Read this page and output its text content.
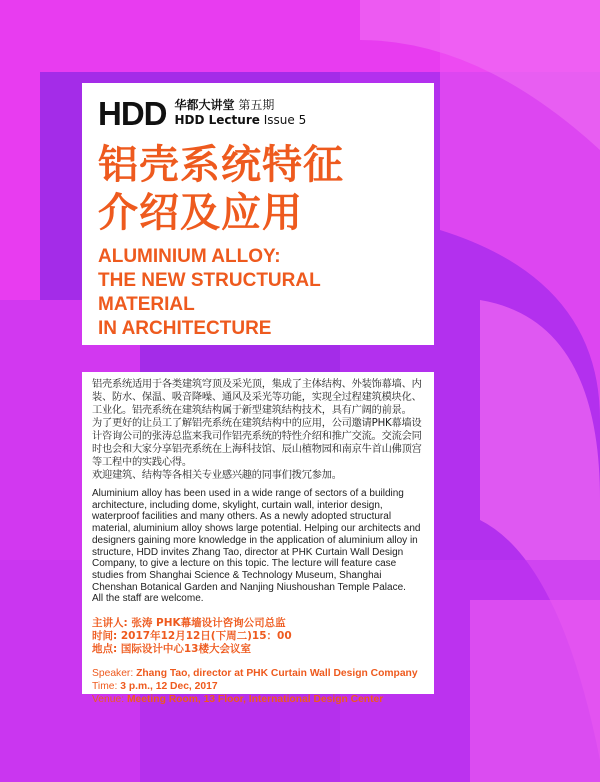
HDD 华都大讲堂 第五期
HDD Lecture Issue 5
铝壳系统特征
介绍及应用
ALUMINIUM ALLOY:
THE NEW STRUCTURAL MATERIAL
IN ARCHITECTURE

铝壳系统适用于各类建筑穹顶及采光顶，集成了主体结构、外装饰幕墙、内装、防水、保温、吸音降噪、通风及采光等功能，实现全过程建筑模块化、工业化。铝壳系统在建筑结构属于新型建筑结构技术，具有广阔的前景。

为了更好的让员工了解铝壳系统在建筑结构中的应用，公司邀请PHK幕墙设计咨询公司的张涛总监来我司作铝壳系统的特性介绍和推广交流。交流会同时也会和大家分享铝壳系统在上海科技馆、辰山植物园和南京牛首山佛顶宫等工程中的实践心得。

欢迎建筑、结构等各相关专业感兴趣的同事们拨冗参加。

Aluminium alloy has been used in a wide range of sectors of a building architecture, including dome, skylight, curtain wall, interior design, waterproof facilities and many others. As a newly adopted structural material, aluminium alloy shows large potential. Helping our architects and designers gaining more knowledge in the application of aluminium alloy in structure, HDD invites Zhang Tao, director at PHK Curtain Wall Design Company, to give a lecture on this topic. The lecture will feature case studies from Shanghai Science & Technology Museum, Shanghai Chenshan Botanical Garden and Nanjing Niushoushan Temple Palace.
All the staff are welcome.

主讲人: 张涛 PHK幕墙设计咨询公司总监
时间: 2017年12月12日(下周二)15：00
地点: 国际设计中心13楼大会议室
Speaker: Zhang Tao, director at PHK Curtain Wall Design Company
Time: 3 p.m., 12 Dec, 2017
Venue: Meeting Room, 13 Floor, International Design Center
